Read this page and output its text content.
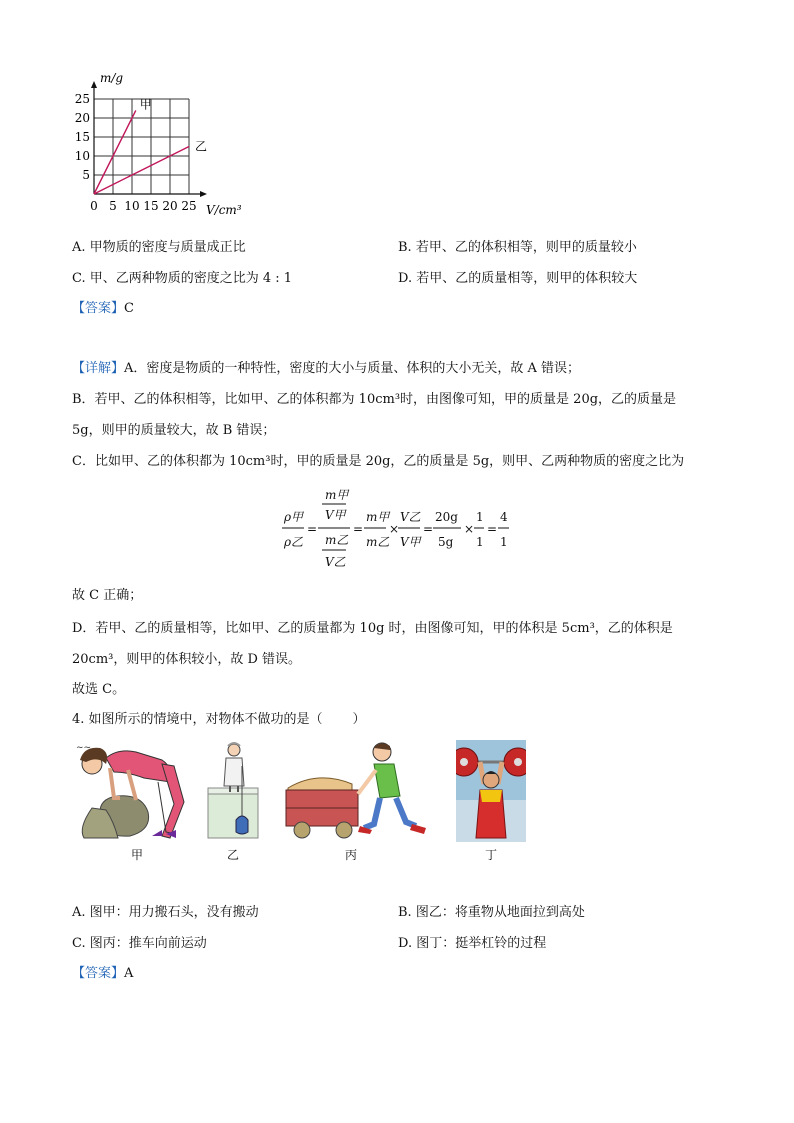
0 5 10 15 20 25
5
10
15
20
25	甲
乙
m/g
V/cm³
A. 甲物质的密度与质量成正比	B. 若甲、乙的体积相等，则甲的质量较小
C. 甲、乙两种物质的密度之比为 4 : 1	D. 若甲、乙的质量相等，则甲的体积较大
【答案】C
【详解】A．密度是物质的一种特性，密度的大小与质量、体积的大小无关，故 A 错误；
B．若甲、乙的体积相等，比如甲、乙的体积都为 10cm³时，由图像可知，甲的质量是 20g，乙的质量是
5g，则甲的质量较大，故 B 错误；
C．比如甲、乙的体积都为 10cm³时，甲的质量是 20g，乙的质量是 5g，则甲、乙两种物质的密度之比为
ρ甲
ρ乙
=
m甲
V甲
m乙
V乙
=
m甲
m乙
×
V乙
V甲
=
20g
5g
×
1
1
=
4
1
故 C 正确；
D．若甲、乙的质量相等，比如甲、乙的质量都为 10g 时，由图像可知，甲的体积是 5cm³，乙的体积是
20cm³，则甲的体积较小，故 D 错误。
故选 C。
4. 如图所示的情境中，对物体不做功的是（ ）
~~
甲	乙	丙	丁
A. 图甲：用力搬石头，没有搬动	B. 图乙：将重物从地面拉到高处
C. 图丙：推车向前运动	D. 图丁：挺举杠铃的过程
【答案】A
